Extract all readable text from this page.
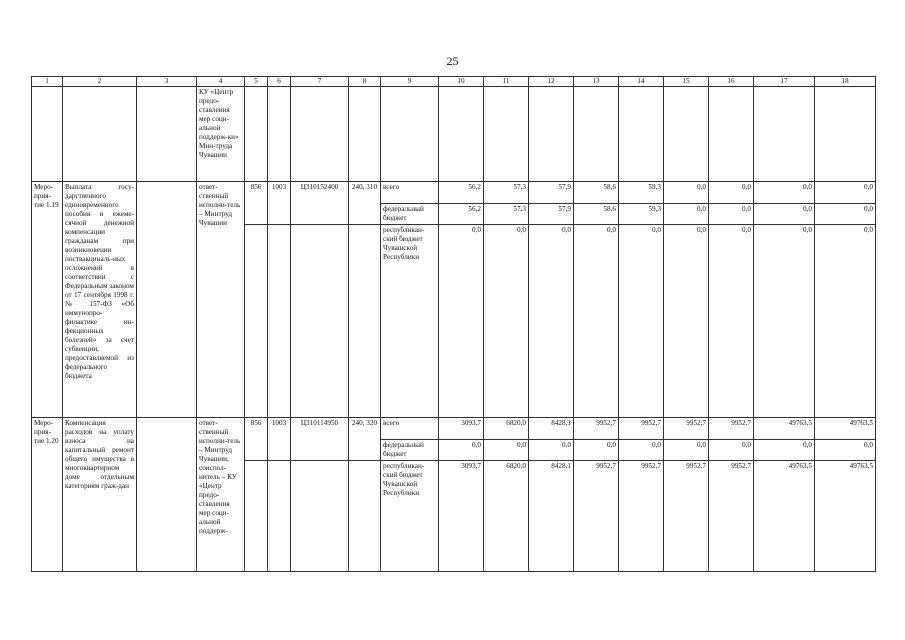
25
1	2	3	4	5	6	7	8	9	10	11	12	13	14	15	16	17	18
			КУ «Центр предо-ставления мер соци-альной поддерж-ки» Мин-труда Чувашии														
Меро-прия-тие 1.19	Выплата госу-дарственного единовременного пособия и ежеме-сячной денежной компенсации гражданам при возникновении поствакциналь-ных осложнений в соответствии с Федеральным законом от 17 сентября 1998 г. № 157-ФЗ «Об иммунопро-филактике ин-фекционных болезней» за счет субвенции, предоставляемой из федерального бюджета		ответ-ственный исполни-тель – Минтруд Чувашии	856	1003	Ц310152400	240, 310	всего	56,2	57,3	57,9	58,6	59,3	0,0	0,0	0,0	0,0
								федеральный бюджет	56,2	57,3	57,9	58,6	59,3	0,0	0,0	0,0	0,0
								республикан-ский бюджет Чувашской Республики	0,0	0,0	0,0	0,0	0,0	0,0	0,0	0,0	0,0
Меро-прия-тие 1.20	Компенсация расходов на уплату взноса на капитальный ремонт общего имущества в многоквартирном доме отдельным категориям граж-дан		ответ-ственный исполни-тель – Минтруд Чувашии, соиспол-нитель – КУ «Центр предо-ставления мер соци-альной поддерж-	856	1003	Ц310114950	240, 320	всего	3093,7	6820,0	8428,1	9952,7	9952,7	9952,7	9952,7	49763,5	49763,5
								федеральный бюджет	0,0	0,0	0,0	0,0	0,0	0,0	0,0	0,0	0,0
								республикан-ский бюджет Чувашской Республики	3093,7	6820,0	8428,1	9952,7	9952,7	9952,7	9952,7	49763,5	49763,5
